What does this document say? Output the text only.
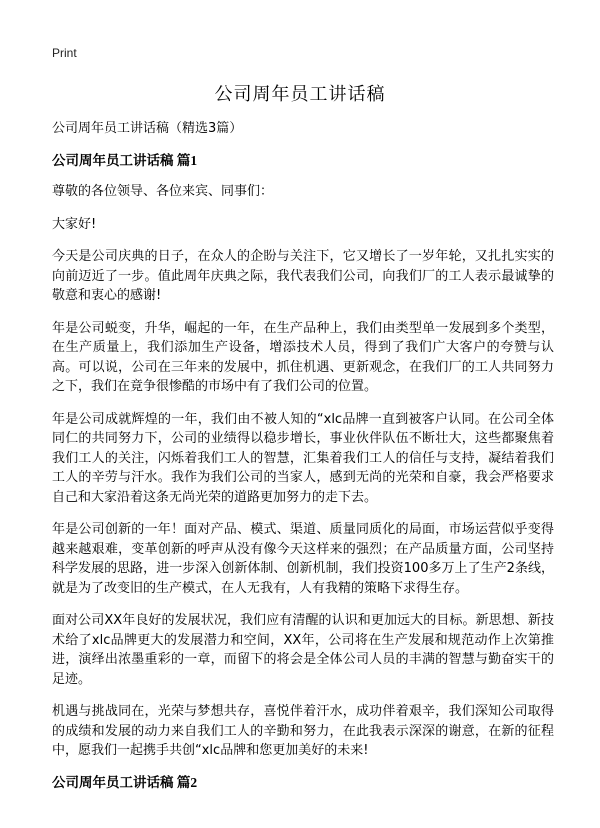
Print
公司周年员工讲话稿

公司周年员工讲话稿（精选3篇）

公司周年员工讲话稿 篇1

尊敬的各位领导、各位来宾、同事们：

大家好!

今天是公司庆典的日子，在众人的企盼与关注下，它又增长了一岁年轮，又扎扎实实的向前迈近了一步。值此周年庆典之际，我代表我们公司，向我们厂的工人表示最诚挚的敬意和衷心的感谢!

年是公司蜕变，升华，崛起的一年，在生产品种上，我们由类型单一发展到多个类型，在生产质量上，我们添加生产设备，增添技术人员，得到了我们广大客户的夸赞与认高。可以说，公司在三年来的发展中，抓住机遇、更新观念，在我们厂的工人共同努力之下，我们在竟争很惨酷的市场中有了我们公司的位置。

年是公司成就辉煌的一年，我们由不被人知的“xlc品牌一直到被客户认同。在公司全体同仁的共同努力下，公司的业绩得以稳步增长，事业伙伴队伍不断壮大，这些都聚焦着我们工人的关注，闪烁着我们工人的智慧，汇集着我们工人的信任与支持，凝结着我们工人的辛劳与汗水。我作为我们公司的当家人，感到无尚的光荣和自豪，我会严格要求自己和大家沿着这条无尚光荣的道路更加努力的走下去。

年是公司创新的一年！面对产品、模式、渠道、质量同质化的局面，市场运营似乎变得越来越艰难，变革创新的呼声从没有像今天这样来的强烈；在产品质量方面，公司坚持科学发展的思路，进一步深入创新体制、创新机制，我们投资100多万上了生产2条线，就是为了改变旧的生产模式，在人无我有，人有我精的策略下求得生存。

面对公司XX年良好的发展状况，我们应有清醒的认识和更加远大的目标。新思想、新技术给了xlc品牌更大的发展潜力和空间，XX年，公司将在生产发展和规范动作上次第推进，演绎出浓墨重彩的一章，而留下的将会是全体公司人员的丰满的智慧与勤奋实干的足迹。

机遇与挑战同在，光荣与梦想共存，喜悦伴着汗水，成功伴着艰辛，我们深知公司取得的成绩和发展的动力来自我们工人的辛勤和努力，在此我表示深深的谢意，在新的征程中，愿我们一起携手共创“xlc品牌和您更加美好的未来!

公司周年员工讲话稿 篇2
